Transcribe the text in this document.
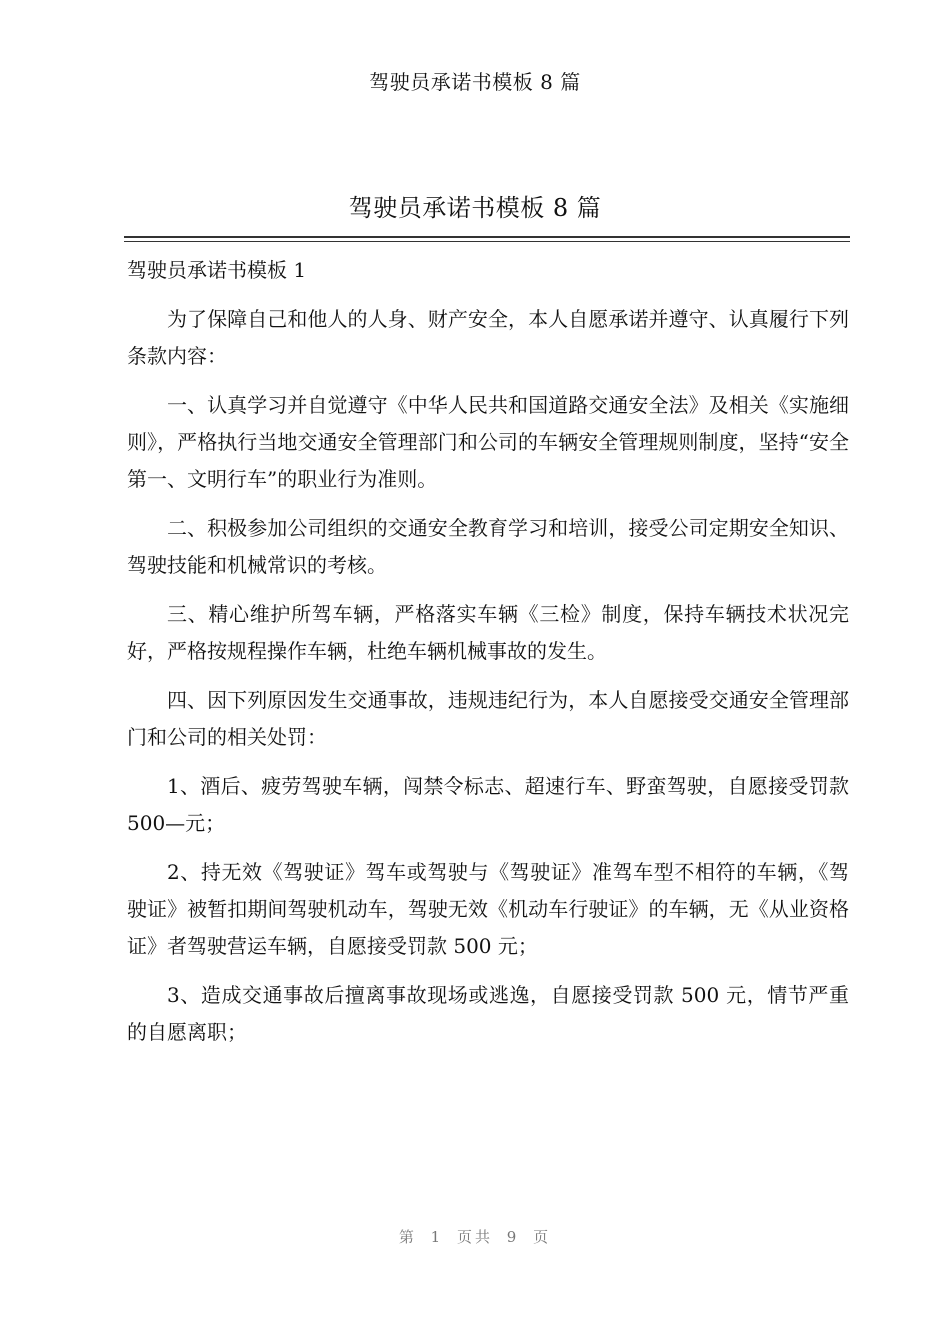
驾驶员承诺书模板 8 篇
驾驶员承诺书模板 8 篇

驾驶员承诺书模板 1

为了保障自己和他人的人身、财产安全，本人自愿承诺并遵守、认真履行下列条款内容：

一、认真学习并自觉遵守《中华人民共和国道路交通安全法》及相关《实施细则》，严格执行当地交通安全管理部门和公司的车辆安全管理规则制度，坚持“安全第一、文明行车”的职业行为准则。

二、积极参加公司组织的交通安全教育学习和培训，接受公司定期安全知识、驾驶技能和机械常识的考核。

三、精心维护所驾车辆，严格落实车辆《三检》制度，保持车辆技术状况完好，严格按规程操作车辆，杜绝车辆机械事故的发生。

四、因下列原因发生交通事故，违规违纪行为，本人自愿接受交通安全管理部门和公司的相关处罚：

1、酒后、疲劳驾驶车辆，闯禁令标志、超速行车、野蛮驾驶，自愿接受罚款 500—元；

2、持无效《驾驶证》驾车或驾驶与《驾驶证》准驾车型不相符的车辆，《驾驶证》被暂扣期间驾驶机动车，驾驶无效《机动车行驶证》的车辆，无《从业资格证》者驾驶营运车辆，自愿接受罚款 500 元；

3、造成交通事故后擅离事故现场或逃逸，自愿接受罚款 500 元，情节严重的自愿离职；

第 1 页共 9 页
